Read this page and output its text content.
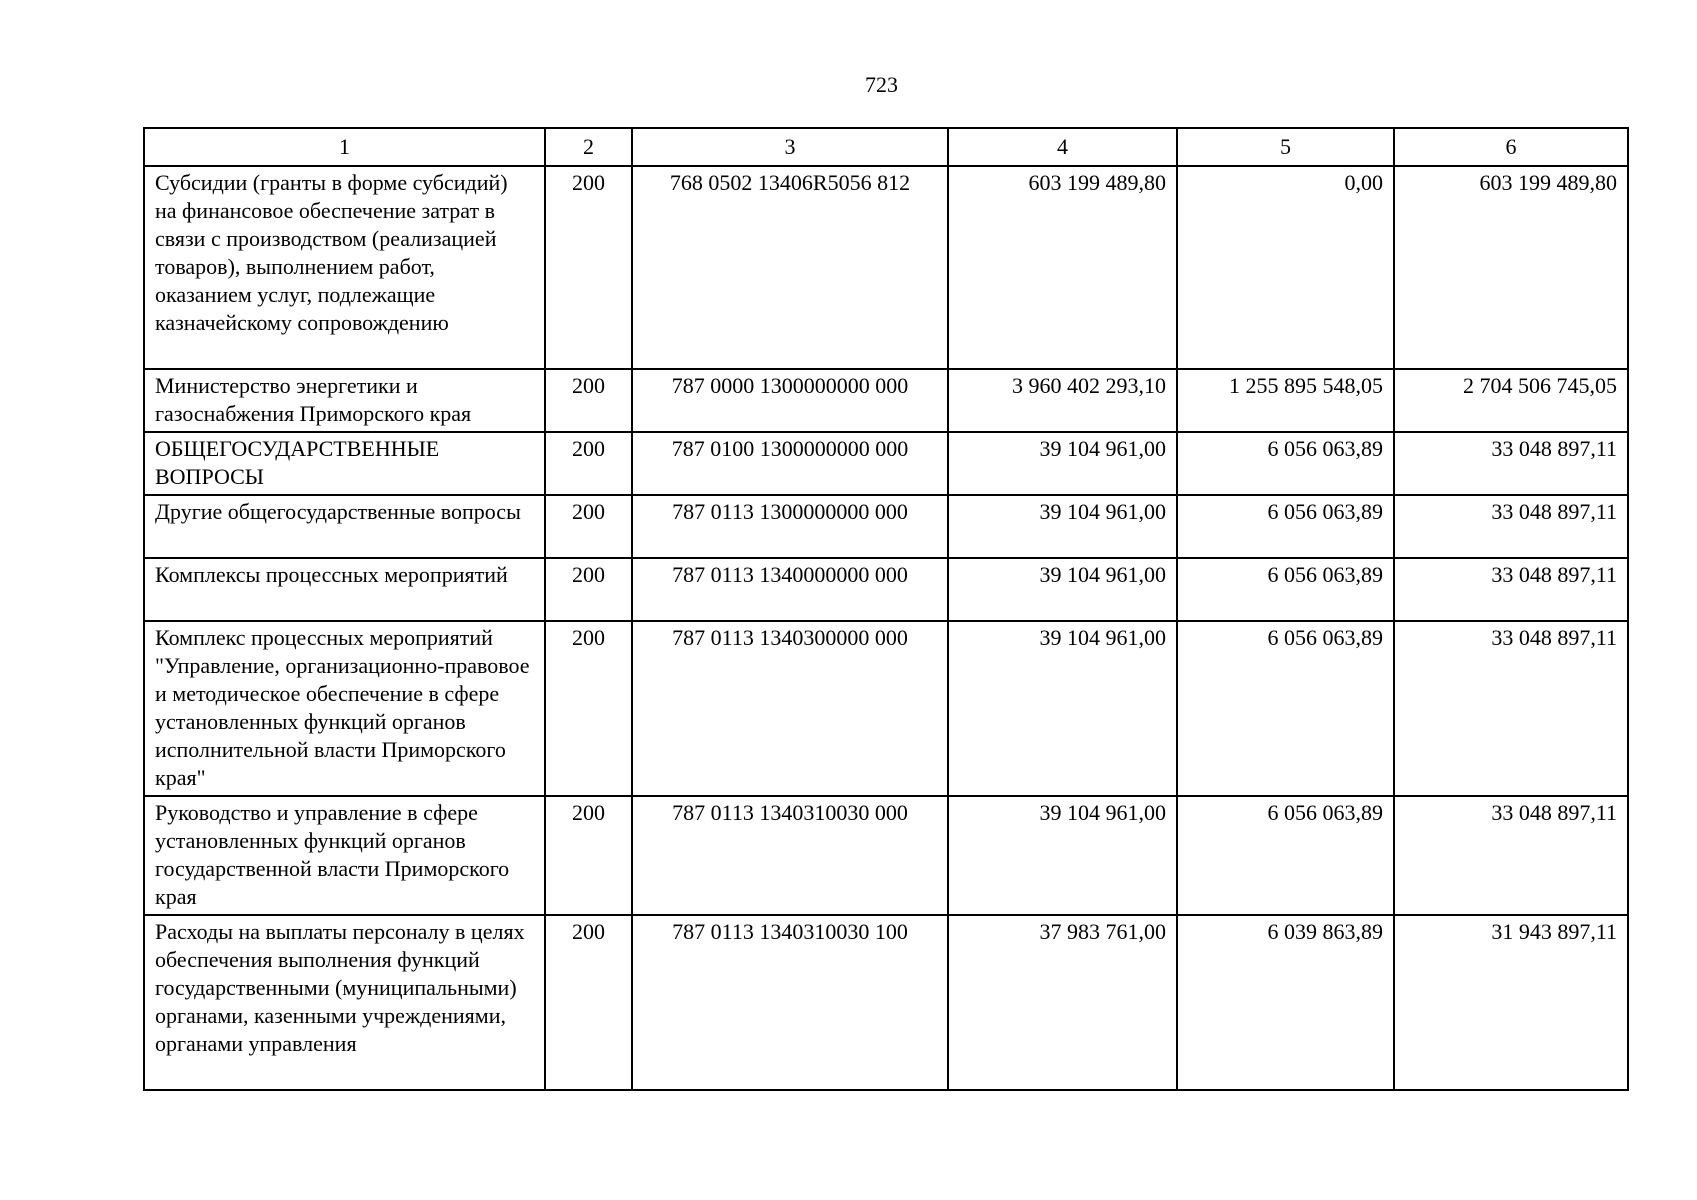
723
1	2	3	4	5	6
Субсидии (гранты в форме субсидий) на финансовое обеспечение затрат в связи с производством (реализацией товаров), выполнением работ, оказанием услуг, подлежащие казначейскому сопровождению	200	768 0502 13406R5056 812	603 199 489,80	0,00	603 199 489,80
Министерство энергетики и газоснабжения Приморского края	200	787 0000 1300000000 000	3 960 402 293,10	1 255 895 548,05	2 704 506 745,05
ОБЩЕГОСУДАРСТВЕННЫЕ ВОПРОСЫ	200	787 0100 1300000000 000	39 104 961,00	6 056 063,89	33 048 897,11
Другие общегосударственные вопросы	200	787 0113 1300000000 000	39 104 961,00	6 056 063,89	33 048 897,11
Комплексы процессных мероприятий	200	787 0113 1340000000 000	39 104 961,00	6 056 063,89	33 048 897,11
Комплекс процессных мероприятий "Управление, организационно-правовое и методическое обеспечение в сфере установленных функций органов исполнительной власти Приморского края"	200	787 0113 1340300000 000	39 104 961,00	6 056 063,89	33 048 897,11
Руководство и управление в сфере установленных функций органов государственной власти Приморского края	200	787 0113 1340310030 000	39 104 961,00	6 056 063,89	33 048 897,11
Расходы на выплаты персоналу в целях обеспечения выполнения функций государственными (муниципальными) органами, казенными учреждениями, органами управления	200	787 0113 1340310030 100	37 983 761,00	6 039 863,89	31 943 897,11
